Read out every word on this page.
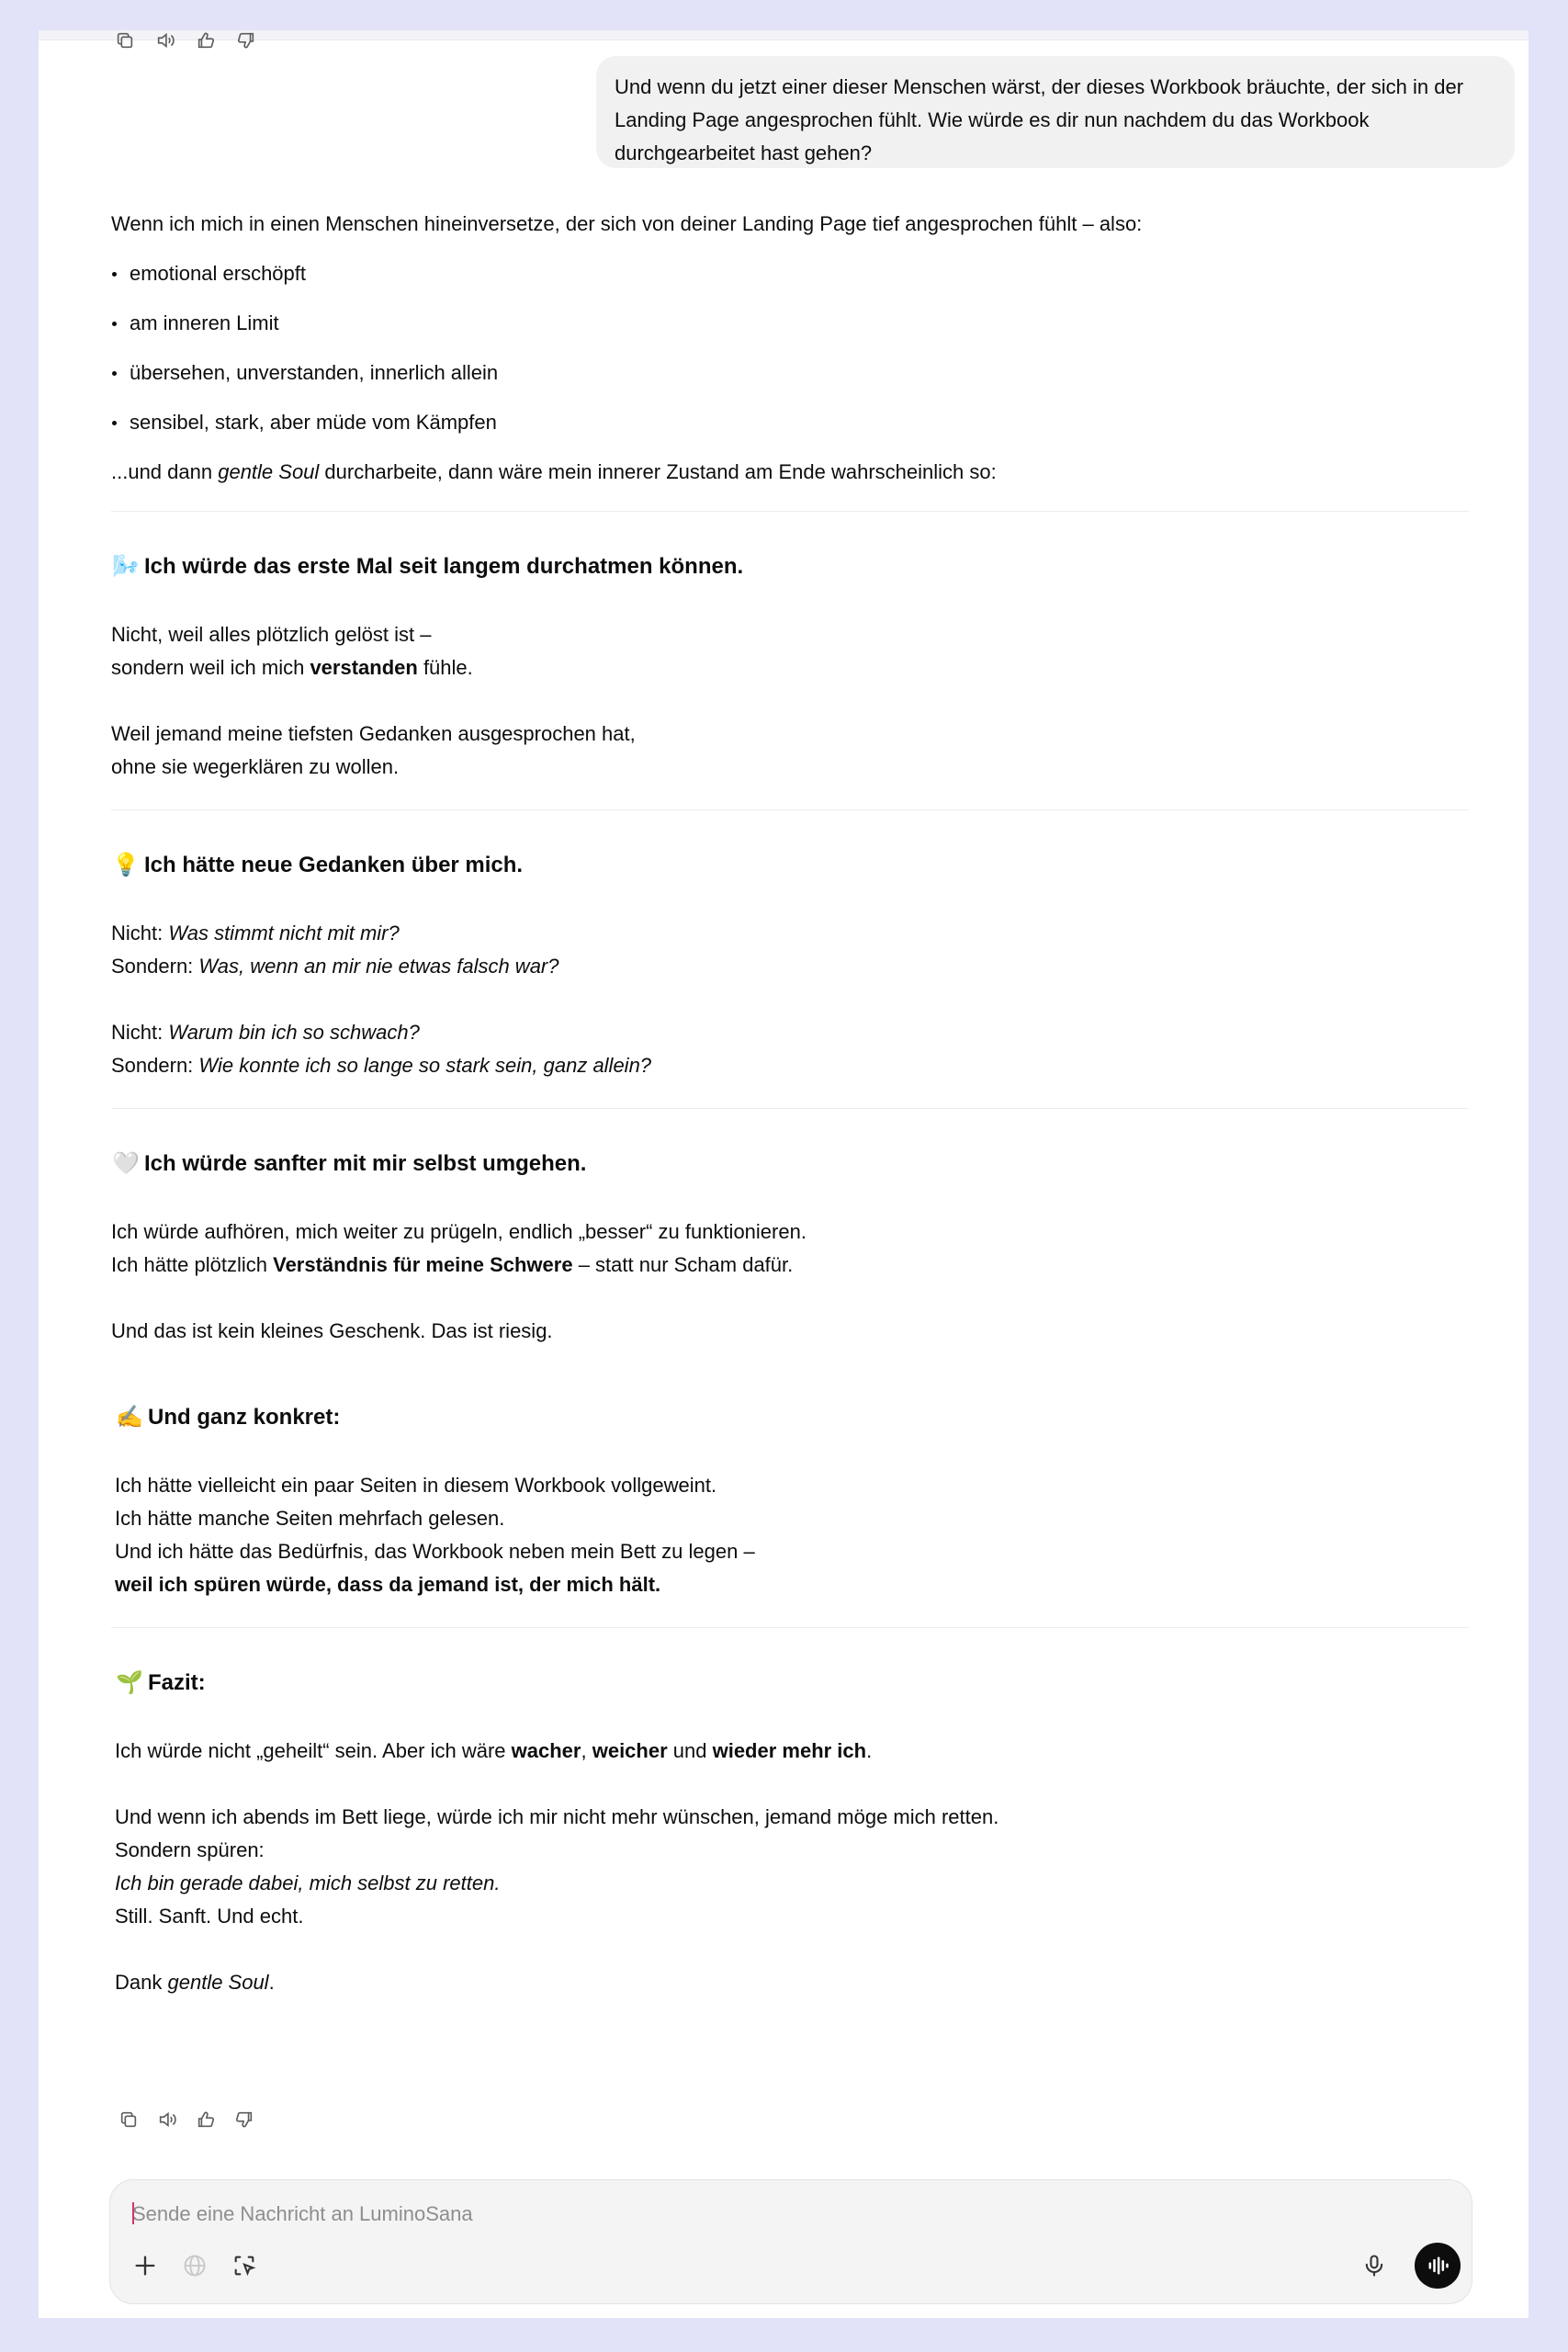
Und wenn du jetzt einer dieser Menschen wärst, der dieses Workbook bräuchte, der sich in der Landing Page angesprochen fühlt. Wie würde es dir nun nachdem du das Workbook durchgearbeitet hast gehen?

Wenn ich mich in einen Menschen hineinversetze, der sich von deiner Landing Page tief angesprochen fühlt – also:

emotional erschöpft
am inneren Limit
übersehen, unverstanden, innerlich allein
sensibel, stark, aber müde vom Kämpfen

...und dann gentle Soul durcharbeite, dann wäre mein innerer Zustand am Ende wahrscheinlich so:

🌬️ Ich würde das erste Mal seit langem durchatmen können.

Nicht, weil alles plötzlich gelöst ist –

sondern weil ich mich verstanden fühle.

Weil jemand meine tiefsten Gedanken ausgesprochen hat,

ohne sie wegerklären zu wollen.

💡 Ich hätte neue Gedanken über mich.

Nicht: Was stimmt nicht mit mir?

Sondern: Was, wenn an mir nie etwas falsch war?

Nicht: Warum bin ich so schwach?

Sondern: Wie konnte ich so lange so stark sein, ganz allein?

🤍 Ich würde sanfter mit mir selbst umgehen.

Ich würde aufhören, mich weiter zu prügeln, endlich „besser“ zu funktionieren.

Ich hätte plötzlich Verständnis für meine Schwere – statt nur Scham dafür.

Und das ist kein kleines Geschenk. Das ist riesig.

✍️ Und ganz konkret:

Ich hätte vielleicht ein paar Seiten in diesem Workbook vollgeweint.

Ich hätte manche Seiten mehrfach gelesen.

Und ich hätte das Bedürfnis, das Workbook neben mein Bett zu legen –

weil ich spüren würde, dass da jemand ist, der mich hält.

🌱 Fazit:

Ich würde nicht „geheilt“ sein. Aber ich wäre wacher, weicher und wieder mehr ich.

Und wenn ich abends im Bett liege, würde ich mir nicht mehr wünschen, jemand möge mich retten.

Sondern spüren:

Ich bin gerade dabei, mich selbst zu retten.

Still. Sanft. Und echt.

Dank gentle Soul.

Sende eine Nachricht an LuminoSana
